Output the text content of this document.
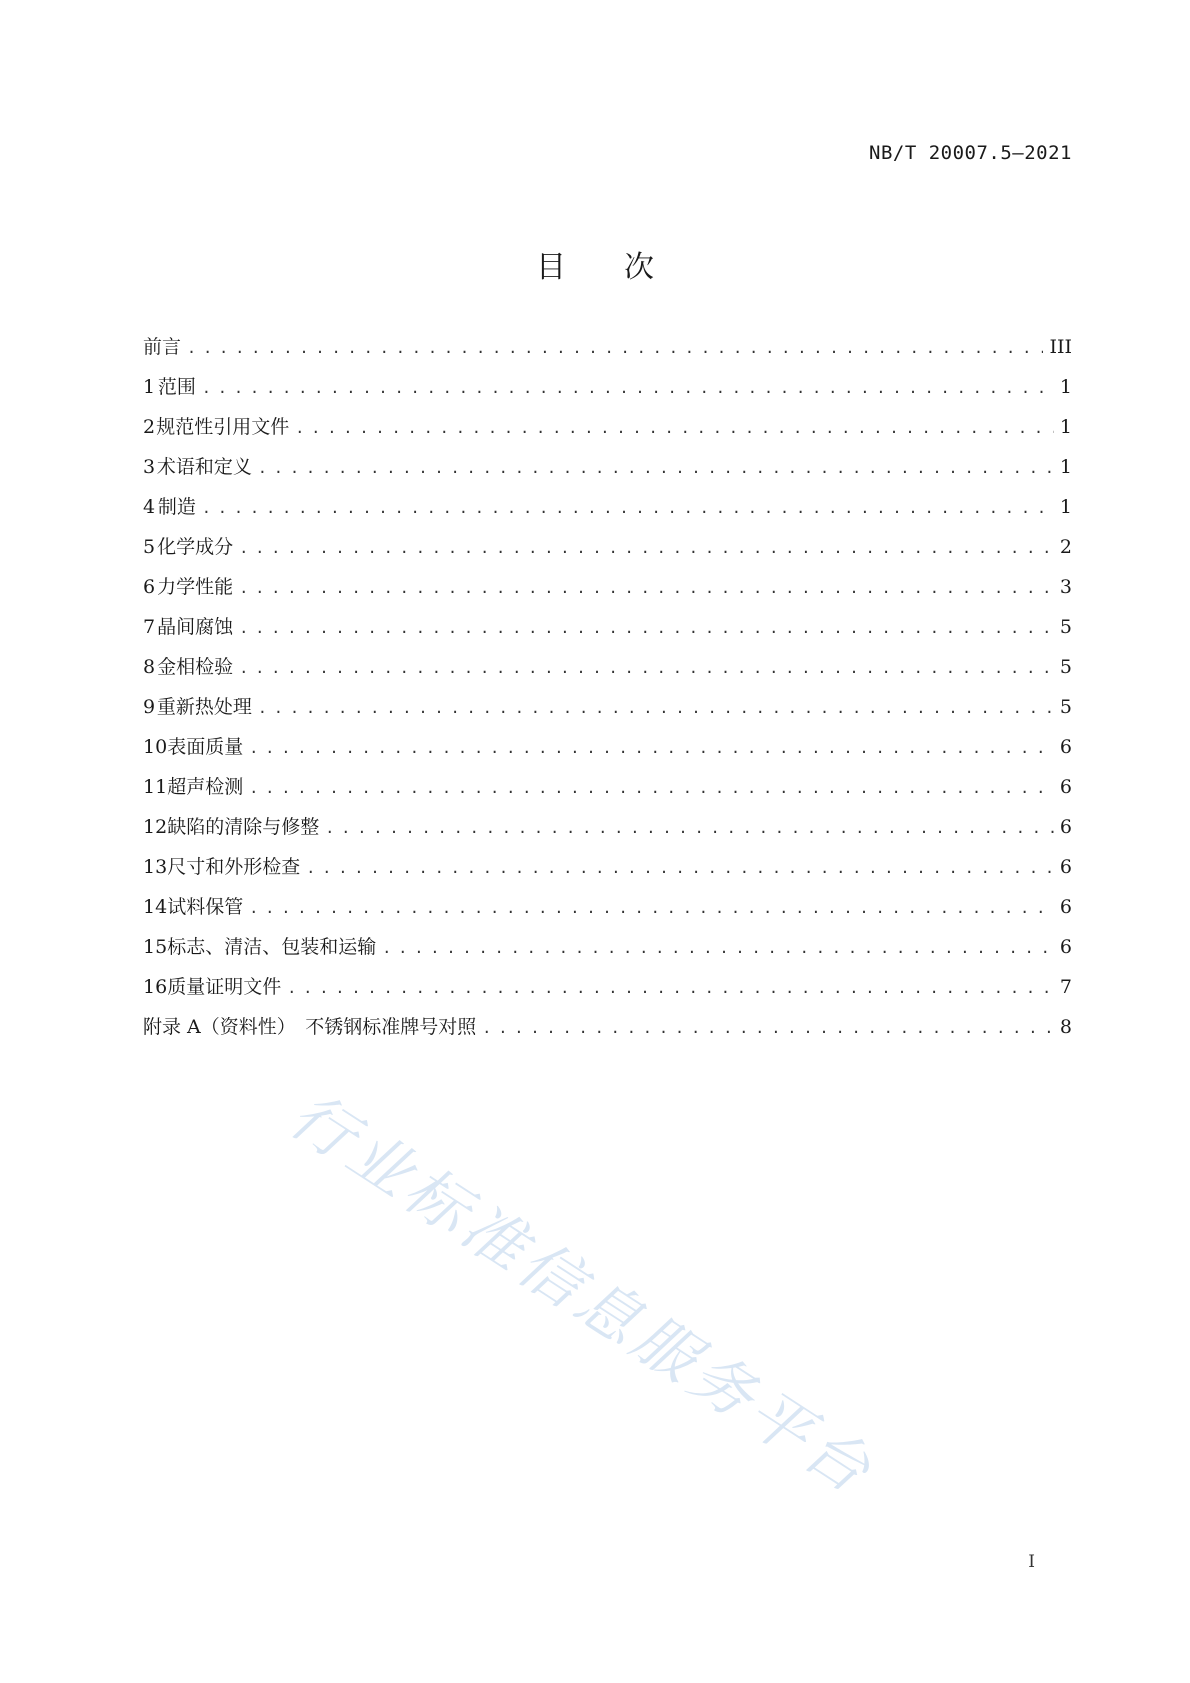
NB/T 20007.5—2021
目次
前言 . . .	III
1 范围 . . .	1
2 规范性引用文件 . . .	1
3 术语和定义 . . .	1
4 制造 . . .	1
5 化学成分 . . .	2
6 力学性能 . . .	3
7 晶间腐蚀 . . .	5
8 金相检验 . . .	5
9 重新热处理 . . .	5
10 表面质量 . . .	6
11 超声检测 . . .	6
12 缺陷的清除与修整 . . .	6
13 尺寸和外形检查 . . .	6
14 试料保管 . . .	6
15 标志、清洁、包装和运输 . . .	6
16 质量证明文件 . . .	7
附录 A（资料性）　不锈钢标准牌号对照 . . .	8
行业标准信息服务平台
I
